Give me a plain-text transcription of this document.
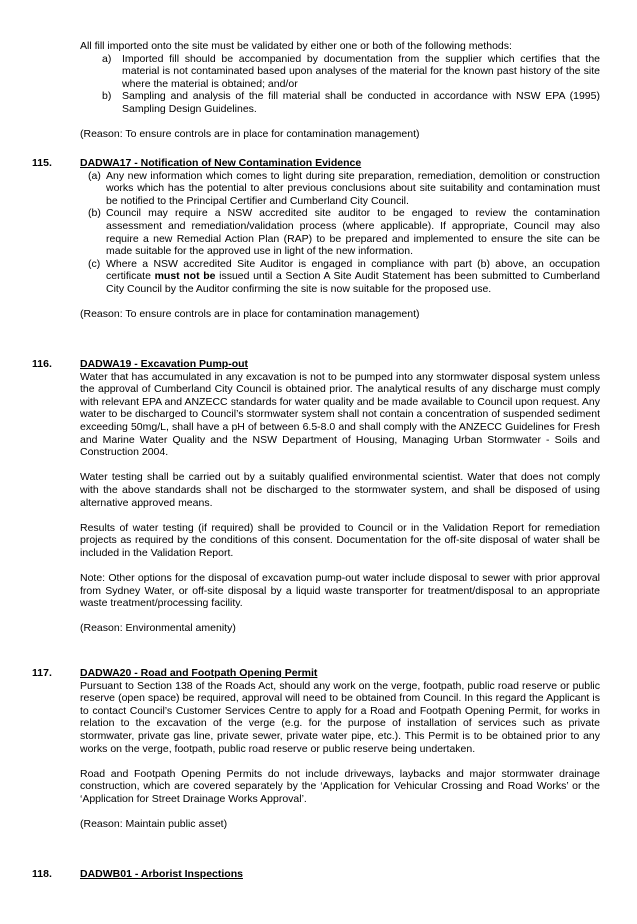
All fill imported onto the site must be validated by either one or both of the following methods:

a) Imported fill should be accompanied by documentation from the supplier which certifies that the material is not contaminated based upon analyses of the material for the known past history of the site where the material is obtained; and/or
b) Sampling and analysis of the fill material shall be conducted in accordance with NSW EPA (1995) Sampling Design Guidelines.

(Reason: To ensure controls are in place for contamination management)

115.	DADWA17 - Notification of New Contamination Evidence

(a) Any new information which comes to light during site preparation, remediation, demolition or construction works which has the potential to alter previous conclusions about site suitability and contamination must be notified to the Principal Certifier and Cumberland City Council.
(b) Council may require a NSW accredited site auditor to be engaged to review the contamination assessment and remediation/validation process (where applicable). If appropriate, Council may also require a new Remedial Action Plan (RAP) to be prepared and implemented to ensure the site can be made suitable for the approved use in light of the new information.
(c) Where a NSW accredited Site Auditor is engaged in compliance with part (b) above, an occupation certificate must not be issued until a Section A Site Audit Statement has been submitted to Cumberland City Council by the Auditor confirming the site is now suitable for the proposed use.

(Reason: To ensure controls are in place for contamination management)

116.	DADWA19 - Excavation Pump-out

Water that has accumulated in any excavation is not to be pumped into any stormwater disposal system unless the approval of Cumberland City Council is obtained prior. The analytical results of any discharge must comply with relevant EPA and ANZECC standards for water quality and be made available to Council upon request. Any water to be discharged to Council’s stormwater system shall not contain a concentration of suspended sediment exceeding 50mg/L, shall have a pH of between 6.5-8.0 and shall comply with the ANZECC Guidelines for Fresh and Marine Water Quality and the NSW Department of Housing, Managing Urban Stormwater - Soils and Construction 2004.

Water testing shall be carried out by a suitably qualified environmental scientist. Water that does not comply with the above standards shall not be discharged to the stormwater system, and shall be disposed of using alternative approved means.

Results of water testing (if required) shall be provided to Council or in the Validation Report for remediation projects as required by the conditions of this consent. Documentation for the off-site disposal of water shall be included in the Validation Report.

Note: Other options for the disposal of excavation pump-out water include disposal to sewer with prior approval from Sydney Water, or off-site disposal by a liquid waste transporter for treatment/disposal to an appropriate waste treatment/processing facility.

(Reason: Environmental amenity)

117.	DADWA20 - Road and Footpath Opening Permit

Pursuant to Section 138 of the Roads Act, should any work on the verge, footpath, public road reserve or public reserve (open space) be required, approval will need to be obtained from Council. In this regard the Applicant is to contact Council’s Customer Services Centre to apply for a Road and Footpath Opening Permit, for works in relation to the excavation of the verge (e.g. for the purpose of installation of services such as private stormwater, private gas line, private sewer, private water pipe, etc.). This Permit is to be obtained prior to any works on the verge, footpath, public road reserve or public reserve being undertaken.

Road and Footpath Opening Permits do not include driveways, laybacks and major stormwater drainage construction, which are covered separately by the ‘Application for Vehicular Crossing and Road Works’ or the ‘Application for Street Drainage Works Approval’.

(Reason: Maintain public asset)

118.	DADWB01 - Arborist Inspections
